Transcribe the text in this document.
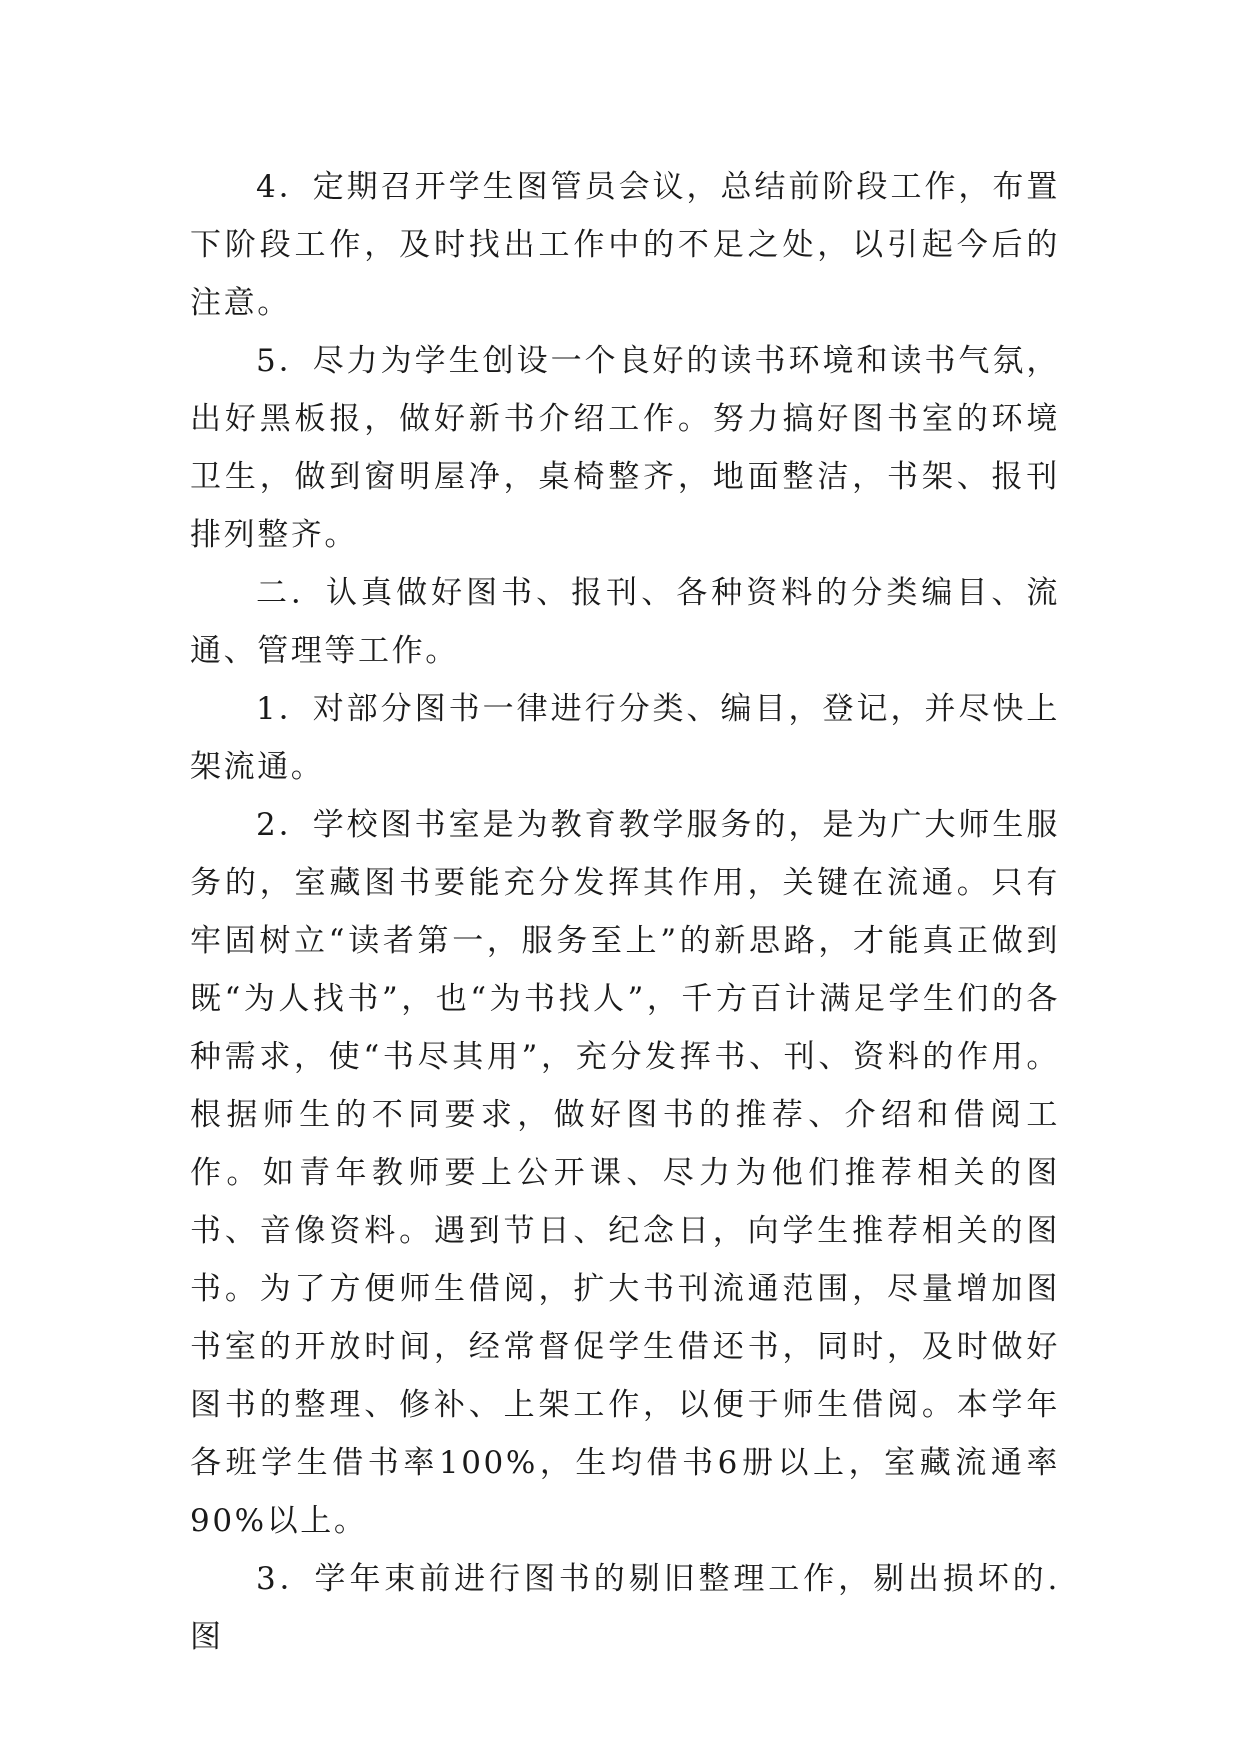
4．定期召开学生图管员会议，总结前阶段工作，布置下阶段工作，及时找出工作中的不足之处，以引起今后的注意。

5．尽力为学生创设一个良好的读书环境和读书气氛，出好黑板报，做好新书介绍工作。努力搞好图书室的环境卫生，做到窗明屋净，桌椅整齐，地面整洁，书架、报刊排列整齐。

二．认真做好图书、报刊、各种资料的分类编目、流通、管理等工作。

1．对部分图书一律进行分类、编目，登记，并尽快上架流通。

2．学校图书室是为教育教学服务的，是为广大师生服务的，室藏图书要能充分发挥其作用，关键在流通。只有牢固树立“读者第一，服务至上”的新思路，才能真正做到既“为人找书”，也“为书找人”，千方百计满足学生们的各种需求，使“书尽其用”，充分发挥书、刊、资料的作用。根据师生的不同要求，做好图书的推荐、介绍和借阅工作。如青年教师要上公开课、尽力为他们推荐相关的图书、音像资料。遇到节日、纪念日，向学生推荐相关的图书。为了方便师生借阅，扩大书刊流通范围，尽量增加图书室的开放时间，经常督促学生借还书，同时，及时做好图书的整理、修补、上架工作，以便于师生借阅。本学年各班学生借书率100%，生均借书6册以上，室藏流通率90%以上。

3．学年束前进行图书的剔旧整理工作，剔出损坏的.图
